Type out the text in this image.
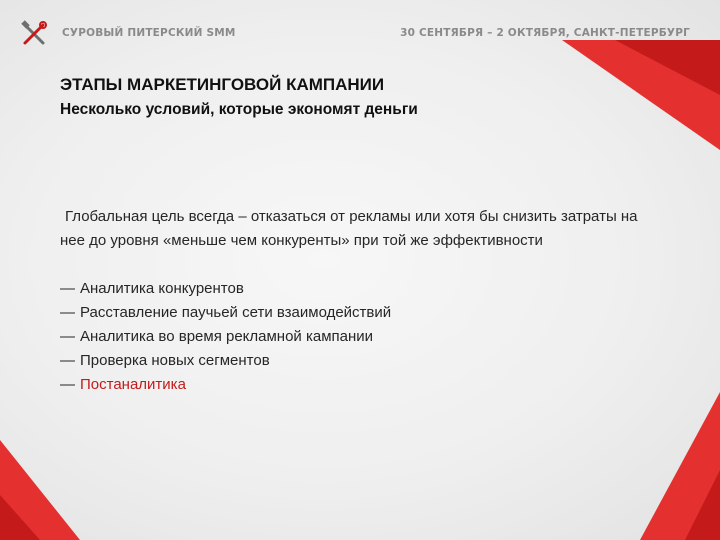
СУРОВЫЙ ПИТЕРСКИЙ SMM	30 СЕНТЯБРЯ – 2 ОКТЯБРЯ, САНКТ-ПЕТЕРБУРГ
ЭТАПЫ МАРКЕТИНГОВОЙ КАМПАНИИ
Несколько условий, которые экономят деньги

Глобальная цель всегда – отказаться от рекламы или хотя бы снизить затраты на нее до уровня «меньше чем конкуренты» при той же эффективности

— Аналитика конкурентов
— Расставление паучьей сети взаимодействий
— Аналитика во время рекламной кампании
— Проверка новых сегментов
— Постаналитика
